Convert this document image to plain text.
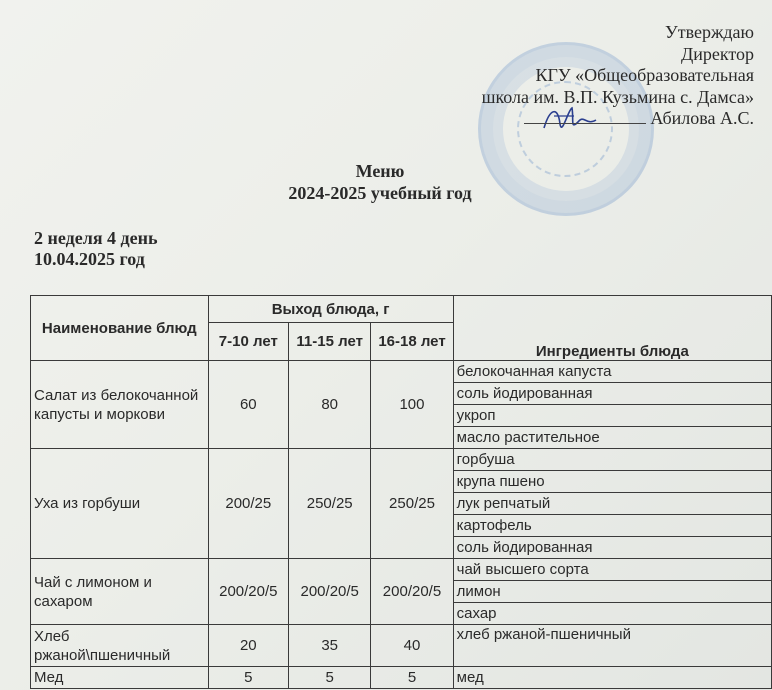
Утверждаю
Директор
КГУ «Общеобразовательная
школа им. В.П. Кузьмина с. Дамса»
Абилова А.С.
Меню
2024-2025 учебный год
2 неделя 4 день
10.04.2025 год
Наименование блюд	Выход блюда, г			Ингредиенты блюда
	7-10 лет	11-15 лет	16-18 лет	
Салат из белокочанной капусты и моркови	60	80	100	белокочанная капуста
				соль йодированная
				укроп
				масло растительное
Уха из горбуши	200/25	250/25	250/25	горбуша
				крупа пшено
				лук репчатый
				картофель
				соль йодированная
Чай с лимоном и сахаром	200/20/5	200/20/5	200/20/5	чай высшего сорта
				лимон
				сахар
Хлеб ржаной\пшеничный	20	35	40	хлеб ржаной-пшеничный
Мед	5	5	5	мед
